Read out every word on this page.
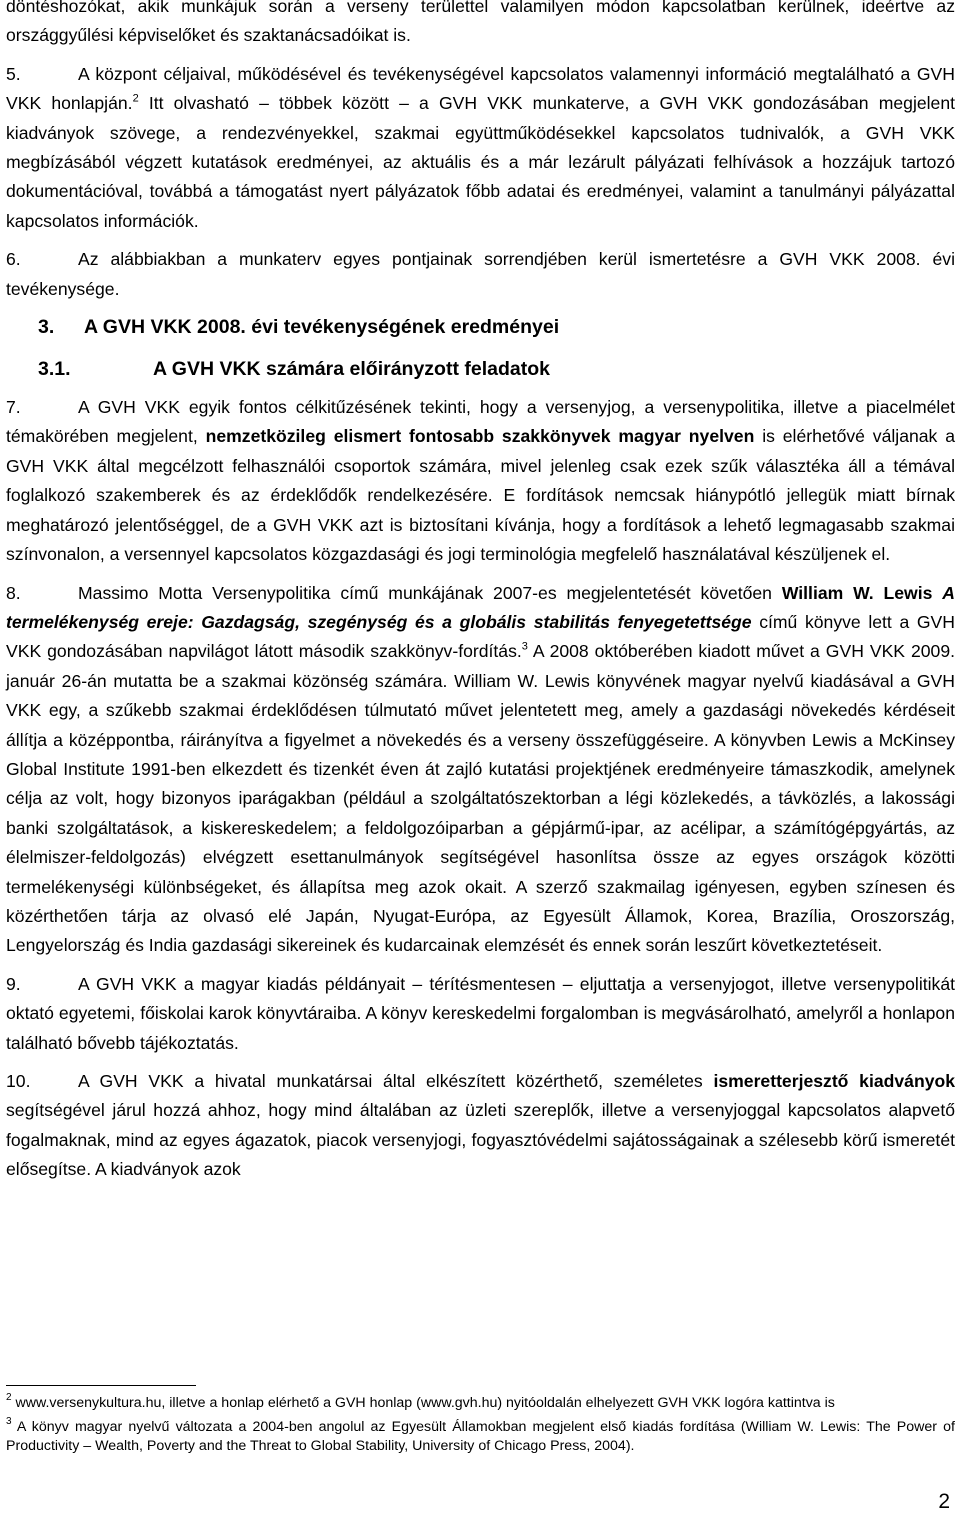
döntéshozókat, akik munkájuk során a verseny területtel valamilyen módon kapcsolatban kerülnek, ideértve az országgyűlési képviselőket és szaktanácsadóikat is.

5.	A központ céljaival, működésével és tevékenységével kapcsolatos valamennyi információ megtalálható a GVH VKK honlapján.$^2$ Itt olvasható – többek között – a GVH VKK munkaterve, a GVH VKK gondozásában megjelent kiadványok szövege, a rendezvényekkel, szakmai együttműködésekkel kapcsolatos tudnivalók, a GVH VKK megbízásából végzett kutatások eredményei, az aktuális és a már lezárult pályázati felhívások a hozzájuk tartozó dokumentációval, továbbá a támogatást nyert pályázatok főbb adatai és eredményei, valamint a tanulmányi pályázattal kapcsolatos információk.

6.	Az alábbiakban a munkaterv egyes pontjainak sorrendjében kerül ismertetésre a GVH VKK 2008. évi tevékenysége.

3. A GVH VKK 2008. évi tevékenységének eredményei
3.1.	A GVH VKK számára előirányzott feladatok

7.	A GVH VKK egyik fontos célkitűzésének tekinti, hogy a versenyjog, a versenypolitika, illetve a piacelmélet témakörében megjelent, nemzetközileg elismert fontosabb szakkönyvek magyar nyelven is elérhetővé váljanak a GVH VKK által megcélzott felhasználói csoportok számára, mivel jelenleg csak ezek szűk választéka áll a témával foglalkozó szakemberek és az érdeklődők rendelkezésére. E fordítások nemcsak hiánypótló jellegük miatt bírnak meghatározó jelentőséggel, de a GVH VKK azt is biztosítani kívánja, hogy a fordítások a lehető legmagasabb szakmai színvonalon, a versennyel kapcsolatos közgazdasági és jogi terminológia megfelelő használatával készüljenek el.

8.	Massimo Motta Versenypolitika című munkájának 2007-es megjelentetését követően William W. Lewis A termelékenység ereje: Gazdagság, szegénység és a globális stabilitás fenyegetettsége című könyve lett a GVH VKK gondozásában napvilágot látott második szakkönyv-fordítás.$^3$ A 2008 októberében kiadott művet a GVH VKK 2009. január 26-án mutatta be a szakmai közönség számára. William W. Lewis könyvének magyar nyelvű kiadásával a GVH VKK egy, a szűkebb szakmai érdeklődésen túlmutató művet jelentetett meg, amely a gazdasági növekedés kérdéseit állítja a középpontba, ráirányítva a figyelmet a növekedés és a verseny összefüggéseire. A könyvben Lewis a McKinsey Global Institute 1991-ben elkezdett és tizenkét éven át zajló kutatási projektjének eredményeire támaszkodik, amelynek célja az volt, hogy bizonyos iparágakban (például a szolgáltatószektorban a légi közlekedés, a távközlés, a lakossági banki szolgáltatások, a kiskereskedelem; a feldolgozóiparban a gépjármű-ipar, az acélipar, a számítógépgyártás, az élelmiszer-feldolgozás) elvégzett esettanulmányok segítségével hasonlítsa össze az egyes országok közötti termelékenységi különbségeket, és állapítsa meg azok okait. A szerző szakmailag igényesen, egyben színesen és közérthetően tárja az olvasó elé Japán, Nyugat-Európa, az Egyesült Államok, Korea, Brazília, Oroszország, Lengyelország és India gazdasági sikereinek és kudarcainak elemzését és ennek során leszűrt következtetéseit.

9.	A GVH VKK a magyar kiadás példányait – térítésmentesen – eljuttatja a versenyjogot, illetve versenypolitikát oktató egyetemi, főiskolai karok könyvtáraiba. A könyv kereskedelmi forgalomban is megvásárolható, amelyről a honlapon található bővebb tájékoztatás.

10.	A GVH VKK a hivatal munkatársai által elkészített közérthető, személetes ismeretterjesztő kiadványok segítségével járul hozzá ahhoz, hogy mind általában az üzleti szereplők, illetve a versenyjoggal kapcsolatos alapvető fogalmaknak, mind az egyes ágazatok, piacok versenyjogi, fogyasztóvédelmi sajátosságainak a szélesebb körű ismeretét elősegítse. A kiadványok azok

$^2$ www.versenykultura.hu, illetve a honlap elérhető a GVH honlap (www.gvh.hu) nyitóoldalán elhelyezett GVH VKK logóra kattintva is

$^3$ A könyv magyar nyelvű változata a 2004-ben angolul az Egyesült Államokban megjelent első kiadás fordítása (William W. Lewis: The Power of Productivity – Wealth, Poverty and the Threat to Global Stability, University of Chicago Press, 2004).

2
